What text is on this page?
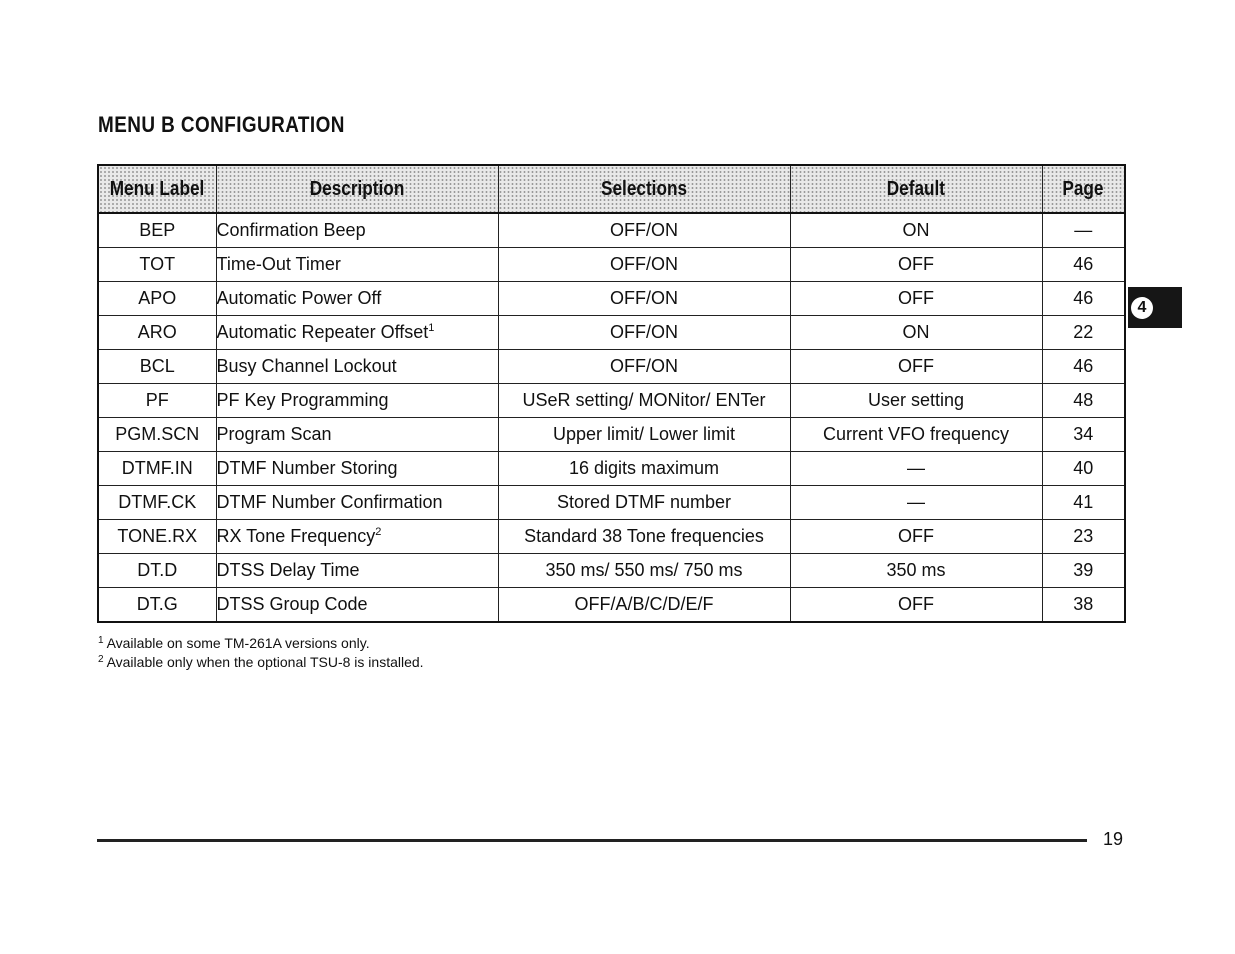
MENU B CONFIGURATION
Menu Label	Description	Selections	Default	Page
BEP	Confirmation Beep	OFF/ON	ON	—
TOT	Time-Out Timer	OFF/ON	OFF	46
APO	Automatic Power Off	OFF/ON	OFF	46
ARO	Automatic Repeater Offset$^1$	OFF/ON	ON	22
BCL	Busy Channel Lockout	OFF/ON	OFF	46
PF	PF Key Programming	USeR setting/ MONitor/ ENTer	User setting	48
PGM.SCN	Program Scan	Upper limit/ Lower limit	Current VFO frequency	34
DTMF.IN	DTMF Number Storing	16 digits maximum	—	40
DTMF.CK	DTMF Number Confirmation	Stored DTMF number	—	41
TONE.RX	RX Tone Frequency$^2$	Standard 38 Tone frequencies	OFF	23
DT.D	DTSS Delay Time	350 ms/ 550 ms/ 750 ms	350 ms	39
DT.G	DTSS Group Code	OFF/A/B/C/D/E/F	OFF	38
$^1$ Available on some TM-261A versions only.
$^2$ Available only when the optional TSU-8 is installed.
4
19
